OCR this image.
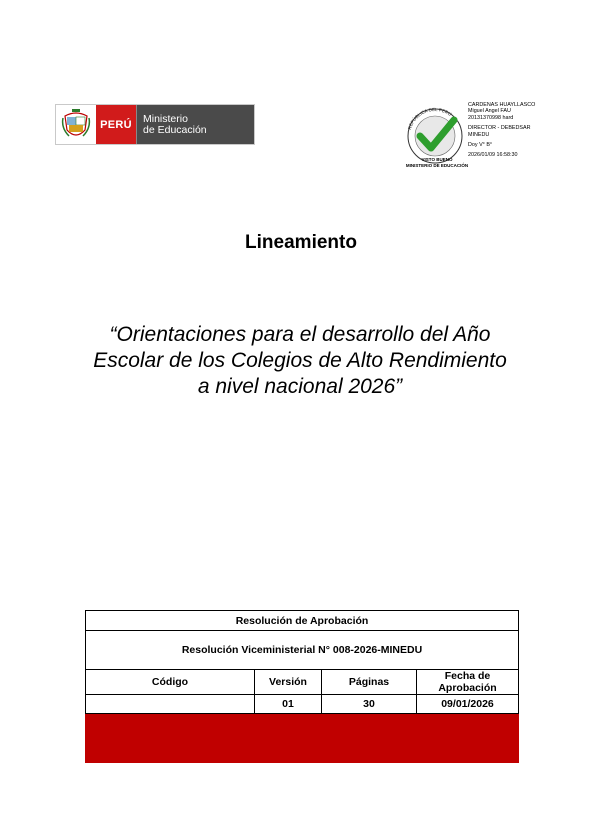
PERÚ	Ministerio
de Educación	REPÚBLICA DEL PERÚ
VISTO BUENO
MINISTERIO DE EDUCACIÓN
CARDENAS HUAYLLASCO
Miguel Angel FAU
20131370998 hard
DIRECTOR - DEBEDSAR
MINEDU
Doy V° B°
2026/01/09 16:58:30
Lineamiento
“Orientaciones para el desarrollo del Año Escolar de los Colegios de Alto Rendimiento a nivel nacional 2026”
Resolución de Aprobación			
Resolución Viceministerial N° 008-2026-MINEDU			
Código	Versión	Páginas	Fecha de Aprobación
	01	30	09/01/2026
